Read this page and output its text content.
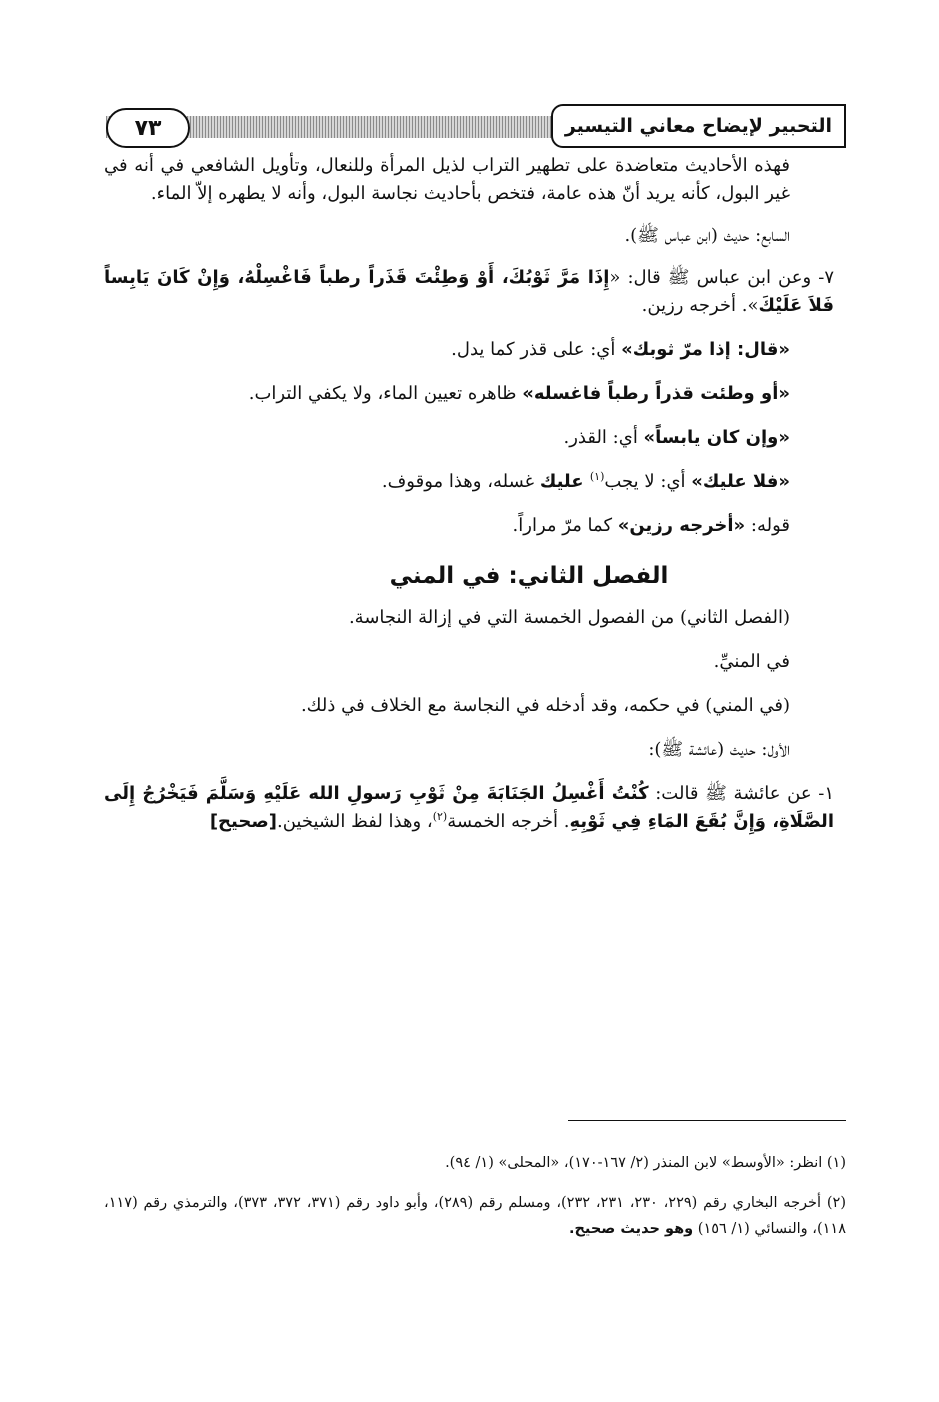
٧٣	التحبير لإيضاح معاني التيسير

فهذه الأحاديث متعاضدة على تطهير التراب لذيل المرأة وللنعال، وتأويل الشافعي في أنه في غير البول، كأنه يريد أنّ هذه عامة، فتخص بأحاديث نجاسة البول، وأنه لا يطهره إلاّ الماء.

السابع: حديث (ابن عباس ﷺ).

٧- وعن ابن عباس ﷺ قال: «إِذَا مَرَّ ثَوْبُكَ، أَوْ وَطِئْتَ قَذَراً رطباً فَاغْسِلْهُ، وَإِنْ كَانَ يَابِساً فَلاَ عَلَيْكَ». أخرجه رزين.

«قال: إذا مرّ ثوبك» أي: على قذر كما يدل.

«أو وطئت قذراً رطباً فاغسله» ظاهره تعيين الماء، ولا يكفي التراب.

«وإن كان يابساً» أي: القذر.

«فلا عليك» أي: لا يجب$^{(١)}$ عليك غسله، وهذا موقوف.

قوله: «أخرجه رزين» كما مرّ مراراً.

الفصل الثاني: في المني

(الفصل الثاني) من الفصول الخمسة التي في إزالة النجاسة.

في المنيِّ.

(في المني) في حكمه، وقد أدخله في النجاسة مع الخلاف في ذلك.

الأول: حديث (عائشة ﷺ):

١- عن عائشة ﷺ قالت: كُنْتُ أَغْسِلُ الجَنَابَةَ مِنْ ثَوْبِ رَسولِ الله عَلَيْهِ وَسَلَّمَ فَيَخْرُجُ إِلَى الصَّلَاةِ، وَإِنَّ بُقَعَ المَاءِ فِي ثَوْبِهِ. أخرجه الخمسة$^{(٢)}$، وهذا لفظ الشيخين.[صحيح]

(١) انظر: «الأوسط» لابن المنذر (٢/ ١٦٧-١٧٠)، «المحلى» (١/ ٩٤).

(٢) أخرجه البخاري رقم (٢٢٩، ٢٣٠، ٢٣١، ٢٣٢)، ومسلم رقم (٢٨٩)، وأبو داود رقم (٣٧١، ٣٧٢، ٣٧٣)، والترمذي رقم (١١٧، ١١٨)، والنسائي (١/ ١٥٦) وهو حديث صحيح.
